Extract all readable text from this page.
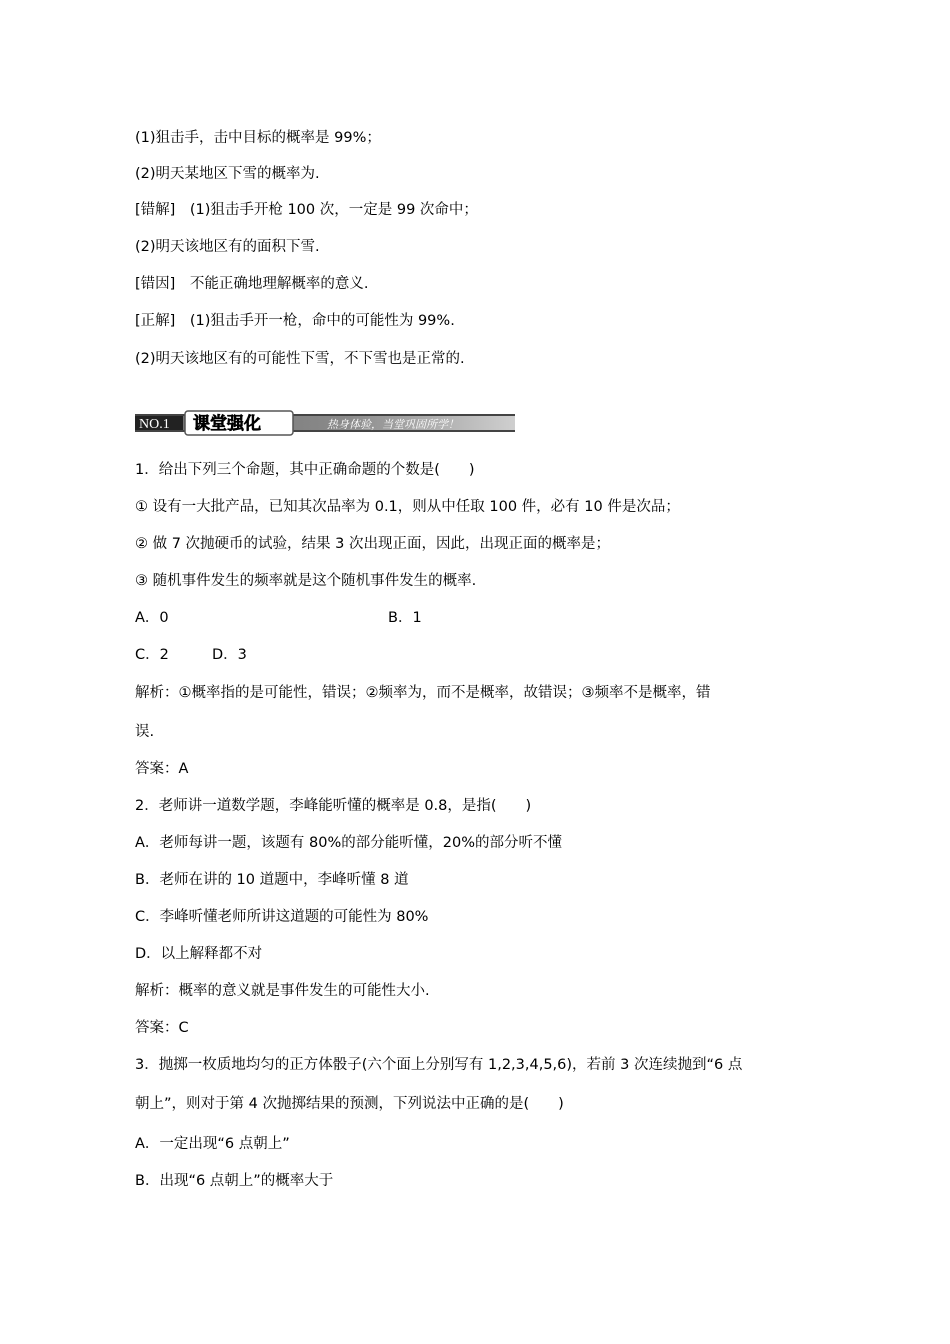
(1)狙击手，击中目标的概率是 99%；
(2)明天某地区下雪的概率为.
[错解]　(1)狙击手开枪 100 次，一定是 99 次命中；
(2)明天该地区有的面积下雪.
[错因]　不能正确地理解概率的意义.
[正解]　(1)狙击手开一枪，命中的可能性为 99%.
(2)明天该地区有的可能性下雪，不下雪也是正常的.
NO.1 课堂强化	热身体验，当堂巩固所学！
1．给出下列三个命题，其中正确命题的个数是(　　)
① 设有一大批产品，已知其次品率为 0.1，则从中任取 100 件，必有 10 件是次品；
② 做 7 次抛硬币的试验，结果 3 次出现正面，因此，出现正面的概率是；
③ 随机事件发生的频率就是这个随机事件发生的概率.
A．0	B．1
C．2	D．3
解析：①概率指的是可能性，错误；②频率为，而不是概率，故错误；③频率不是概率，错
误.
答案：A
2．老师讲一道数学题，李峰能听懂的概率是 0.8，是指(　　)
A．老师每讲一题，该题有 80%的部分能听懂，20%的部分听不懂
B．老师在讲的 10 道题中，李峰听懂 8 道
C．李峰听懂老师所讲这道题的可能性为 80%
D．以上解释都不对
解析：概率的意义就是事件发生的可能性大小.
答案：C
3．抛掷一枚质地均匀的正方体骰子(六个面上分别写有 1,2,3,4,5,6)，若前 3 次连续抛到“6 点
朝上”，则对于第 4 次抛掷结果的预测，下列说法中正确的是(　　)
A．一定出现“6 点朝上”
B．出现“6 点朝上”的概率大于
